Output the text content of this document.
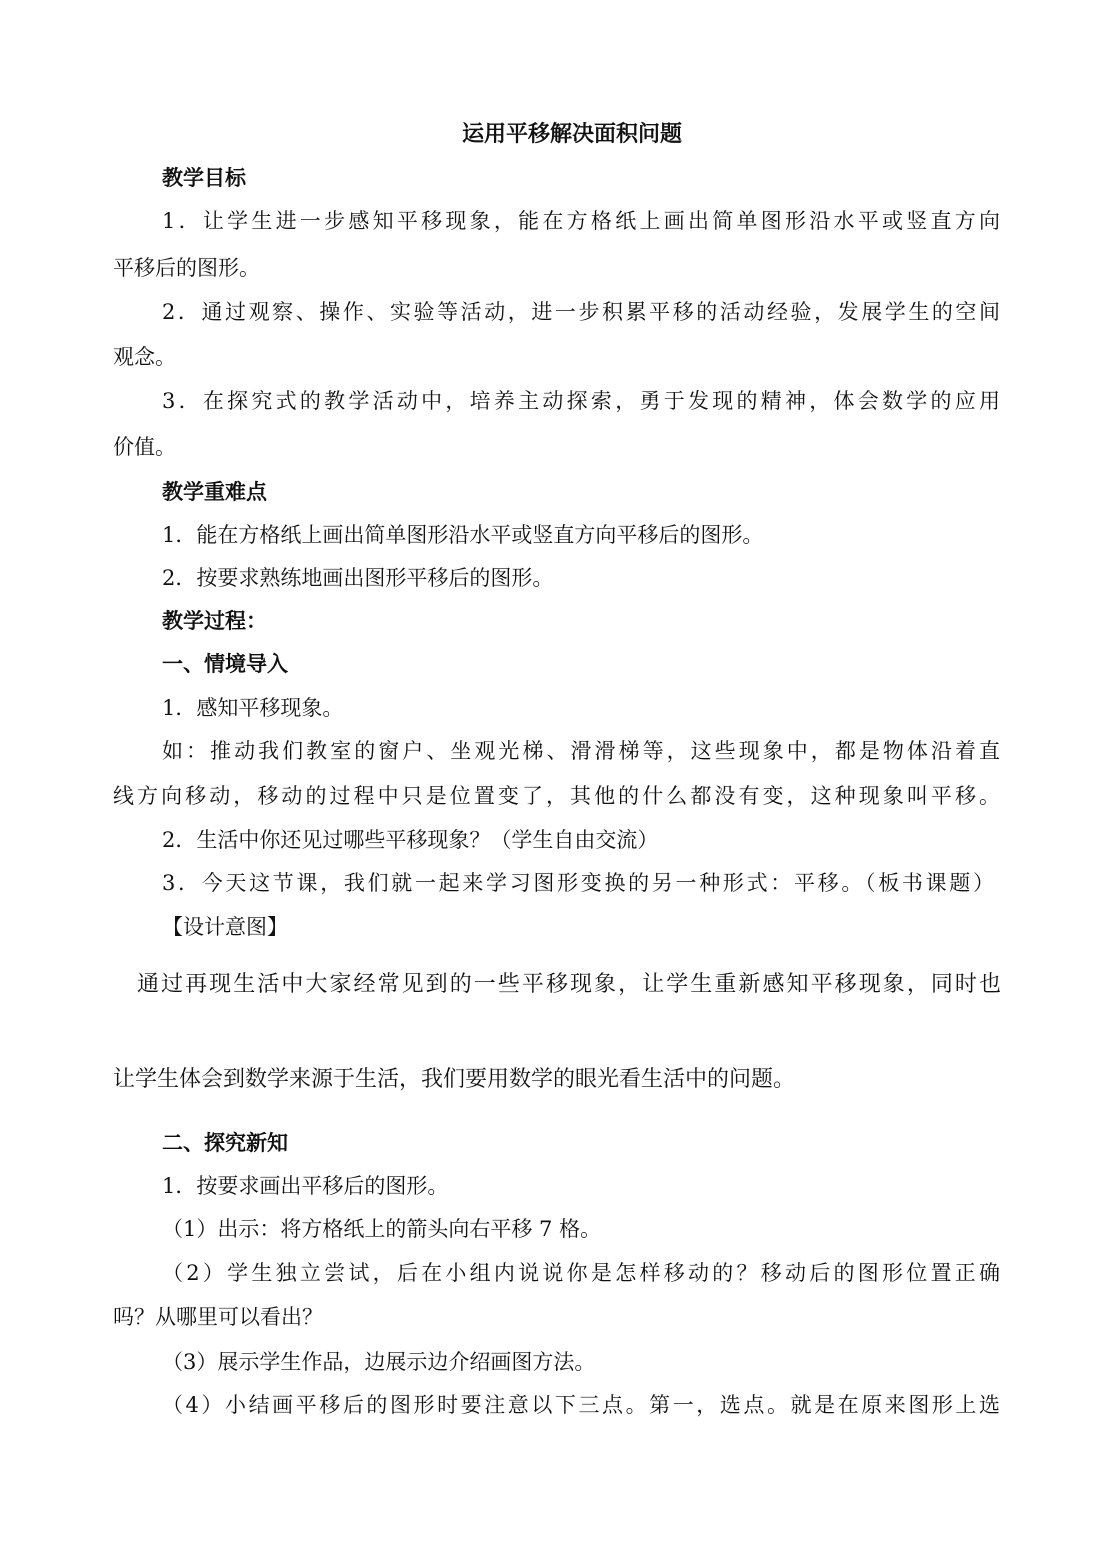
运用平移解决面积问题
教学目标
1．让学生进一步感知平移现象，能在方格纸上画出简单图形沿水平或竖直方向
平移后的图形。
2．通过观察、操作、实验等活动，进一步积累平移的活动经验，发展学生的空间
观念。
3．在探究式的教学活动中，培养主动探索，勇于发现的精神，体会数学的应用
价值。
教学重难点
1．能在方格纸上画出简单图形沿水平或竖直方向平移后的图形。
2．按要求熟练地画出图形平移后的图形。
教学过程：
一、情境导入
1．感知平移现象。
如：推动我们教室的窗户、坐观光梯、滑滑梯等，这些现象中，都是物体沿着直
线方向移动，移动的过程中只是位置变了，其他的什么都没有变，这种现象叫平移。
2．生活中你还见过哪些平移现象？（学生自由交流）
3．今天这节课，我们就一起来学习图形变换的另一种形式：平移。（板书课题）
【设计意图】
通过再现生活中大家经常见到的一些平移现象，让学生重新感知平移现象，同时也
让学生体会到数学来源于生活，我们要用数学的眼光看生活中的问题。
二、探究新知
1．按要求画出平移后的图形。
（1）出示：将方格纸上的箭头向右平移 7 格。
（2）学生独立尝试，后在小组内说说你是怎样移动的？移动后的图形位置正确
吗？从哪里可以看出？
（3）展示学生作品，边展示边介绍画图方法。
（4）小结画平移后的图形时要注意以下三点。第一，选点。就是在原来图形上选
